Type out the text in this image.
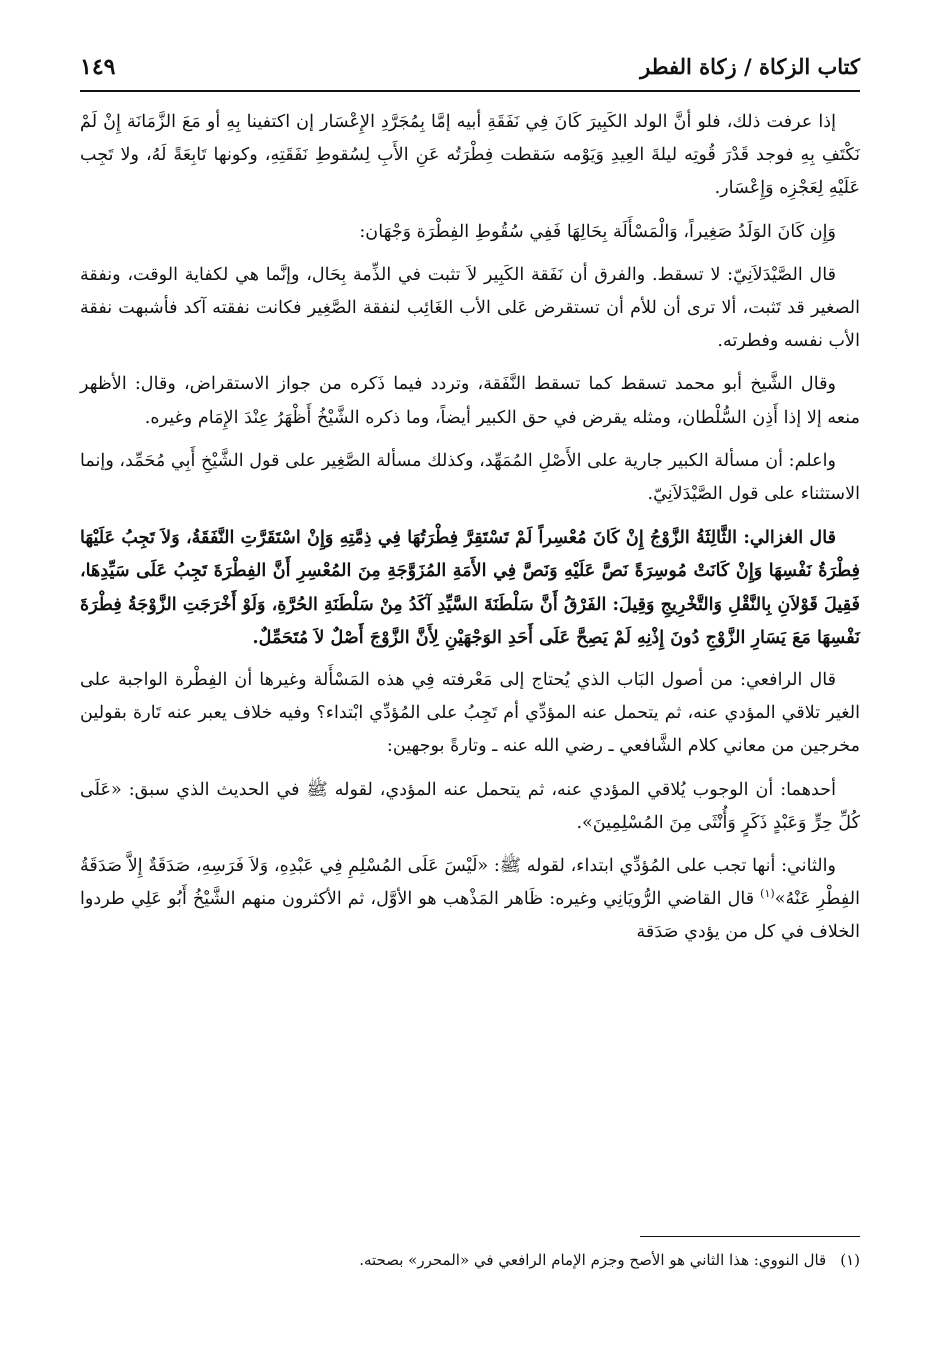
كتاب الزكاة / زكاة الفطر
١٤٩

إذا عرفت ذلك، فلو أنَّ الولد الكَبِيرَ كَانَ فِي نَفَقَةِ أبيه إمَّا بِمُجَرَّدِ الإِعْسَار إن اكتفينا بِهِ أو مَعَ الزَّمَانَة إِنْ لَمْ نَكْتَفِ بِهِ فوجد قَدْرَ قُوتِه ليلةَ العِيدِ وَيَوْمه سَقطت فِطْرَتُه عَنِ الأَبِ لِسُقوطِ نَفَقَتِهِ، وكونها تَابِعَةً لَهُ، ولا تَجِب عَلَيْهِ لِعَجْزِه وَإِعْسَار.

وَإِن كَانَ الوَلَدُ صَغِيراً، وَالْمَسْأَلَة بِحَالِهَا فَفِي سُقُوطِ الفِطْرَة وَجْهَان:

قال الصَّيْدَلاَنِيّ: لا تسقط. والفرق أن نَفَقة الكَبِير لاَ تثبت في الذِّمة بِحَال، وإنَّما هي لكفاية الوقت، ونفقة الصغير قد تَثبت، ألا ترى أن للأم أن تستقرض عَلى الأب الغَائِب لنفقة الصَّغِير فكانت نفقته آكد فأشبهت نفقة الأب نفسه وفطرته.

وقال الشَّيخ أبو محمد تسقط كما تسقط النَّفَقة، وتردد فيما ذَكره من جواز الاستقراض، وقال: الأظهر منعه إلا إذا أَذِن السُّلْطان، ومثله يقرض في حق الكبير أيضاً، وما ذكره الشَّيْخُ أَظْهَرُ عِنْدَ الإِمَام وغيره.

واعلم: أن مسألة الكبير جارية على الأَصْلِ المُمَهِّد، وكذلك مسألة الصَّغِير على قول الشَّيْخِ أَبِي مُحَمِّد، وإنما الاستثناء على قول الصَّيْدَلاَنِيّ.

قال الغزالي: الثَّالِثَةُ الزَّوْجُ إِنْ كَانَ مُعْسِراً لَمْ تَسْتَقِرَّ فِطْرَتُهَا فِي ذِمَّتِهِ وَإِنْ اسْتَقَرَّتِ النَّفَقَةُ، وَلاَ تَجِبُ عَلَيْهَا فِطْرَةُ نَفْسِهَا وَإِنْ كَانَتْ مُوسِرَةً نَصَّ عَلَيْهِ وَنَصَّ فِي الأَمَةِ المُزَوَّجَةِ مِنَ المُعْسِرِ أَنَّ الفِطْرَةَ تَجِبُ عَلَى سَيِّدِهَا، فَقِيلَ قَوْلاَنِ بِالنَّقْلِ وَالتَّخْرِيجِ وَقِيلَ: الفَرْقُ أَنَّ سَلْطَنَةَ السَّيِّدِ آكَدُ مِنْ سَلْطَنَةِ الحُرَّةِ، وَلَوْ أَخْرَجَتِ الزَّوْجَةُ فِطْرَةَ نَفْسِهَا مَعَ يَسَارِ الزَّوْجِ دُونَ إِذْنِهِ لَمْ يَصِحَّ عَلَى أَحَدِ الوَجْهَيْنِ لِأَنَّ الزَّوْجَ أَصْلٌ لاَ مُتَحَمِّلٌ.

قال الرافعي: من أصول البَاب الذي يُحتاج إلى مَعْرفته فِي هذه المَسْأَلة وغيرها أن الفِطْرة الواجبة على الغير تلاقي المؤدي عنه، ثم يتحمل عنه المؤدِّي أم تَجِبُ على المُؤدِّي ابْتداء؟ وفيه خلاف يعبر عنه تَارة بقولين مخرجين من معاني كلام الشَّافعي ـ رضي الله عنه ـ وتارةً بوجهين:

أحدهما: أن الوجوب يُلاقي المؤدي عنه، ثم يتحمل عنه المؤدي، لقوله ﷺ في الحديث الذي سبق: «عَلَى كُلِّ حِرٍّ وَعَبْدٍ ذَكَرٍ وَأُنْثَى مِنَ المُسْلِمِينَ».

والثاني: أنها تجب على المُؤدِّي ابتداء، لقوله ﷺ: «لَيْسَ عَلَى المُسْلِمِ فِي عَبْدِهِ، وَلاَ فَرَسِهِ، صَدَقَةٌ إِلاَّ صَدَقَةُ الفِطْرِ عَنْهُ»$^{(١)}$ قال القاضي الرُّويَانِي وغيره: ظَاهر المَذْهب هو الأوَّل، ثم الأكثرون منهم الشَّيْخُ أَبُو عَلِي طردوا الخلاف في كل من يؤدي صَدَقة

(١)قال النووي: هذا الثاني هو الأصح وجزم الإمام الرافعي في «المحرر» بصحته.
